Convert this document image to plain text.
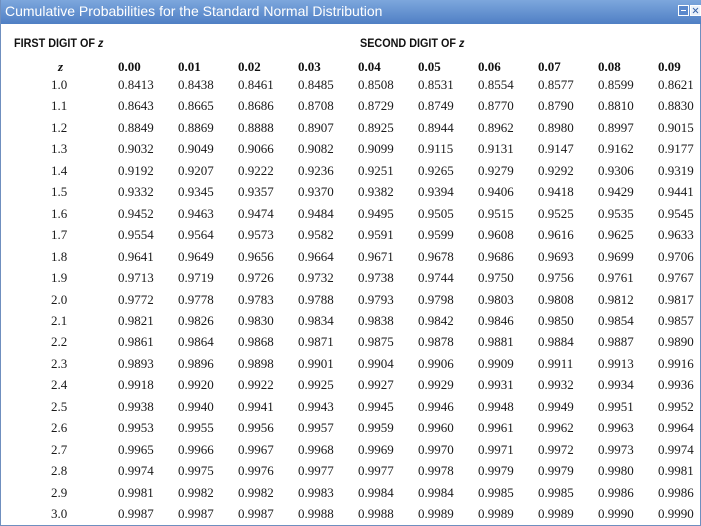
Cumulative Probabilities for the Standard Normal Distribution
FIRST DIGIT OF z	SECOND DIGIT OF z
z	0.00	0.01	0.02	0.03	0.04	0.05	0.06	0.07	0.08	0.09
1.0	0.8413 0.8438 0.8461 0.8485 0.8508 0.8531 0.8554 0.8577 0.8599 0.8621
1.1	0.8643 0.8665 0.8686 0.8708 0.8729 0.8749 0.8770 0.8790 0.8810 0.8830
1.2	0.8849 0.8869 0.8888 0.8907 0.8925 0.8944 0.8962 0.8980 0.8997 0.9015
1.3	0.9032 0.9049 0.9066 0.9082 0.9099 0.9115 0.9131 0.9147 0.9162 0.9177
1.4	0.9192 0.9207 0.9222 0.9236 0.9251 0.9265 0.9279 0.9292 0.9306 0.9319
1.5	0.9332 0.9345 0.9357 0.9370 0.9382 0.9394 0.9406 0.9418 0.9429 0.9441
1.6	0.9452 0.9463 0.9474 0.9484 0.9495 0.9505 0.9515 0.9525 0.9535 0.9545
1.7	0.9554 0.9564 0.9573 0.9582 0.9591 0.9599 0.9608 0.9616 0.9625 0.9633
1.8	0.9641 0.9649 0.9656 0.9664 0.9671 0.9678 0.9686 0.9693 0.9699 0.9706
1.9	0.9713 0.9719 0.9726 0.9732 0.9738 0.9744 0.9750 0.9756 0.9761 0.9767
2.0	0.9772 0.9778 0.9783 0.9788 0.9793 0.9798 0.9803 0.9808 0.9812 0.9817
2.1	0.9821 0.9826 0.9830 0.9834 0.9838 0.9842 0.9846 0.9850 0.9854 0.9857
2.2	0.9861 0.9864 0.9868 0.9871 0.9875 0.9878 0.9881 0.9884 0.9887 0.9890
2.3	0.9893 0.9896 0.9898 0.9901 0.9904 0.9906 0.9909 0.9911 0.9913 0.9916
2.4	0.9918 0.9920 0.9922 0.9925 0.9927 0.9929 0.9931 0.9932 0.9934 0.9936
2.5	0.9938 0.9940 0.9941 0.9943 0.9945 0.9946 0.9948 0.9949 0.9951 0.9952
2.6	0.9953 0.9955 0.9956 0.9957 0.9959 0.9960 0.9961 0.9962 0.9963 0.9964
2.7	0.9965 0.9966 0.9967 0.9968 0.9969 0.9970 0.9971 0.9972 0.9973 0.9974
2.8	0.9974 0.9975 0.9976 0.9977 0.9977 0.9978 0.9979 0.9979 0.9980 0.9981
2.9	0.9981 0.9982 0.9982 0.9983 0.9984 0.9984 0.9985 0.9985 0.9986 0.9986
3.0	0.9987 0.9987 0.9987 0.9988 0.9988 0.9989 0.9989 0.9989 0.9990 0.9990
